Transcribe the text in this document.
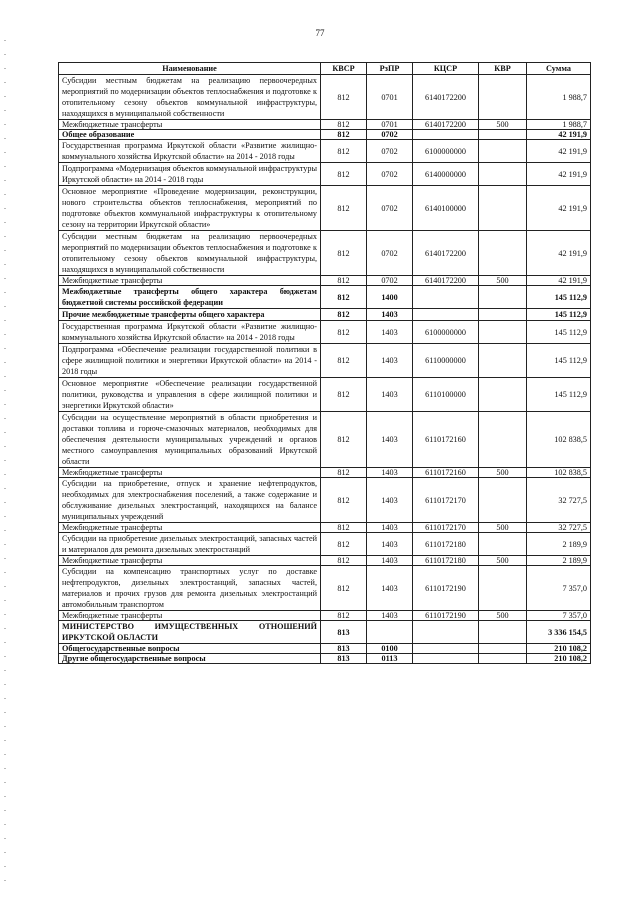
77
Наименование	КВСР	РзПР	КЦСР	КВР	Сумма
Субсидии местным бюджетам на реализацию первоочередных мероприятий по модернизации объектов теплоснабжения и подготовке к отопительному сезону объектов коммунальной инфраструктуры, находящихся в муниципальной собственности	812	0701	6140172200		1 988,7
Межбюджетные трансферты	812	0701	6140172200	500	1 988,7
Общее образование	812	0702			42 191,9
Государственная программа Иркутской области «Развитие жилищно-коммунального хозяйства Иркутской области» на 2014 - 2018 годы	812	0702	6100000000		42 191,9
Подпрограмма «Модернизация объектов коммунальной инфраструктуры Иркутской области» на 2014 - 2018 годы	812	0702	6140000000		42 191,9
Основное мероприятие «Проведение модернизации, реконструкции, нового строительства объектов теплоснабжения, мероприятий по подготовке объектов коммунальной инфраструктуры к отопительному сезону на территории Иркутской области»	812	0702	6140100000		42 191,9
Субсидии местным бюджетам на реализацию первоочередных мероприятий по модернизации объектов теплоснабжения и подготовке к отопительному сезону объектов коммунальной инфраструктуры, находящихся в муниципальной собственности	812	0702	6140172200		42 191,9
Межбюджетные трансферты	812	0702	6140172200	500	42 191,9
Межбюджетные трансферты общего характера бюджетам бюджетной системы российской федерации	812	1400			145 112,9
Прочие межбюджетные трансферты общего характера	812	1403			145 112,9
Государственная программа Иркутской области «Развитие жилищно-коммунального хозяйства Иркутской области» на 2014 - 2018 годы	812	1403	6100000000		145 112,9
Подпрограмма «Обеспечение реализации государственной политики в сфере жилищной политики и энергетики Иркутской области» на 2014 - 2018 годы	812	1403	6110000000		145 112,9
Основное мероприятие «Обеспечение реализации государственной политики, руководства и управления в сфере жилищной политики и энергетики Иркутской области»	812	1403	6110100000		145 112,9
Субсидии на осуществление мероприятий в области приобретения и доставки топлива и горюче-смазочных материалов, необходимых для обеспечения деятельности муниципальных учреждений и органов местного самоуправления муниципальных образований Иркутской области	812	1403	6110172160		102 838,5
Межбюджетные трансферты	812	1403	6110172160	500	102 838,5
Субсидии на приобретение, отпуск и хранение нефтепродуктов, необходимых для электроснабжения поселений, а также содержание и обслуживание дизельных электростанций, находящихся на балансе муниципальных учреждений	812	1403	6110172170		32 727,5
Межбюджетные трансферты	812	1403	6110172170	500	32 727,5
Субсидии на приобретение дизельных электростанций, запасных частей и материалов для ремонта дизельных электростанций	812	1403	6110172180		2 189,9
Межбюджетные трансферты	812	1403	6110172180	500	2 189,9
Субсидии на компенсацию транспортных услуг по доставке нефтепродуктов, дизельных электростанций, запасных частей, материалов и прочих грузов для ремонта дизельных электростанций автомобильным транспортом	812	1403	6110172190		7 357,0
Межбюджетные трансферты	812	1403	6110172190	500	7 357,0
МИНИСТЕРСТВО ИМУЩЕСТВЕННЫХ ОТНОШЕНИЙ ИРКУТСКОЙ ОБЛАСТИ	813				3 336 154,5
Общегосударственные вопросы	813	0100			210 108,2
Другие общегосударственные вопросы	813	0113			210 108,2
